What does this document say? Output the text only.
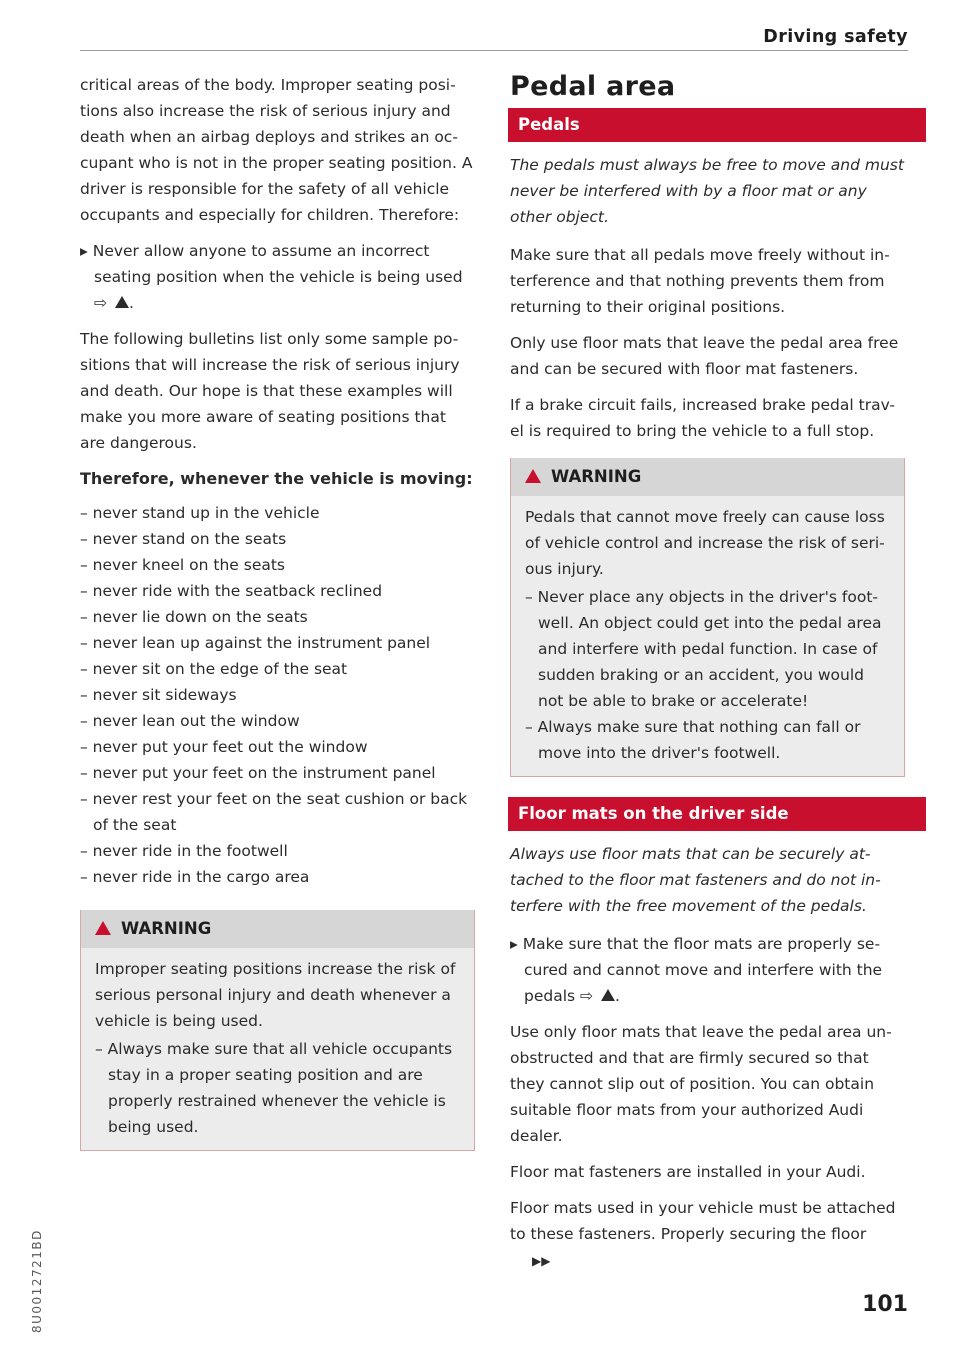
Driving safety

critical areas of the body. Improper seating posi-tions also increase the risk of serious injury and death when an airbag deploys and strikes an oc-cupant who is not in the proper seating position. A driver is responsible for the safety of all vehicle occupants and especially for children. Therefore:

▸ Never allow anyone to assume an incorrect seating position when the vehicle is being used
⇨ .

The following bulletins list only some sample po-sitions that will increase the risk of serious injury and death. Our hope is that these examples will make you more aware of seating positions that are dangerous.

Therefore, whenever the vehicle is moving:
– never stand up in the vehicle
– never stand on the seats
– never kneel on the seats
– never ride with the seatback reclined
– never lie down on the seats
– never lean up against the instrument panel
– never sit on the edge of the seat
– never sit sideways
– never lean out the window
– never put your feet out the window
– never put your feet on the instrument panel
– never rest your feet on the seat cushion or back of the seat
– never ride in the footwell
– never ride in the cargo area
WARNING

Improper seating positions increase the risk of serious personal injury and death whenever a vehicle is being used.

– Always make sure that all vehicle occupants stay in a proper seating position and are properly restrained whenever the vehicle is being used.
Pedal area
Pedals

The pedals must always be free to move and must never be interfered with by a floor mat or any other object.

Make sure that all pedals move freely without in-terference and that nothing prevents them from returning to their original positions.

Only use floor mats that leave the pedal area free and can be secured with floor mat fasteners.

If a brake circuit fails, increased brake pedal trav-el is required to bring the vehicle to a full stop.

WARNING

Pedals that cannot move freely can cause loss of vehicle control and increase the risk of seri-ous injury.

– Never place any objects in the driver's foot-well. An object could get into the pedal area and interfere with pedal function. In case of sudden braking or an accident, you would not be able to brake or accelerate!
– Always make sure that nothing can fall or move into the driver's footwell.
Floor mats on the driver side

Always use floor mats that can be securely at-tached to the floor mat fasteners and do not in-terfere with the free movement of the pedals.

▸ Make sure that the floor mats are properly se-cured and cannot move and interfere with the pedals ⇨ .

Use only floor mats that leave the pedal area un-obstructed and that are firmly secured so that they cannot slip out of position. You can obtain suitable floor mats from your authorized Audi dealer.

Floor mat fasteners are installed in your Audi.

Floor mats used in your vehicle must be attached to these fasteners. Properly securing the floor▶▶

8U0012721BD	101
